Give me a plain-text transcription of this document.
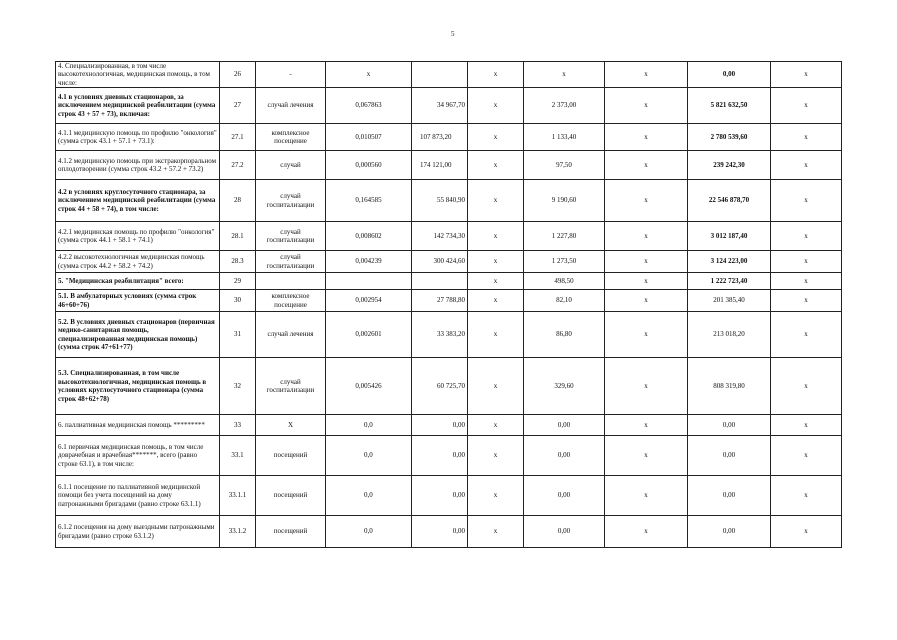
5
4. Специализированная, в том числе высокотехнологичная, медицинская помощь, в том числе:	26	-	x		x	x	x	0,00	x
4.1 в условиях дневных стационаров, за исключением медицинской реабилитации (сумма строк 43 + 57 + 73), включая:	27	случай лечения	0,067863	34 967,70	x	2 373,00	x	5 821 632,50	x
4.1.1 медицинскую помощь по профилю "онкология" (сумма строк 43.1 + 57.1 + 73.1):	27.1	комплексное посещение	0,010507	107 873,20	x	1 133,40	x	2 780 539,60	x
4.1.2 медицинскую помощь при экстракорпоральном оплодотворении (сумма строк 43.2 + 57.2 + 73.2)	27.2	случай	0,000560	174 121,00	x	97,50	x	239 242,30	x
4.2 в условиях круглосуточного стационара, за исключением медицинской реабилитации (сумма строк 44 + 58 + 74), в том числе:	28	случай госпитализации	0,164585	55 840,90	x	9 190,60	x	22 546 878,70	x
4.2.1 медицинская помощь по профилю "онкология" (сумма строк 44.1 + 58.1 + 74.1)	28.1	случай госпитализации	0,008602	142 734,30	x	1 227,80	x	3 012 187,40	x
4.2.2 высокотехнологичная медицинская помощь (сумма строк 44.2 + 58.2 + 74.2)	28.3	случай госпитализации	0,004239	300 424,60	x	1 273,50	x	3 124 223,00	x
5. "Медицинская реабилитация" всего:	29				x	498,50	x	1 222 723,40	x
5.1. В амбулаторных условиях (сумма строк 46+60+76)	30	комплексное посещение	0,002954	27 788,80	x	82,10	x	201 385,40	x
5.2. В условиях дневных стационаров (первичная медико-санитарная помощь, специализированная медицинская помощь) (сумма строк 47+61+77)	31	случай лечения	0,002601	33 383,20	x	86,80	x	213 018,20	x
5.3. Специализированная, в том числе высокотехнологичная, медицинская помощь в условиях круглосуточного стационара (сумма строк 48+62+78)	32	случай госпитализации	0,005426	60 725,70	x	329,60	x	808 319,80	x
6. паллиативная медицинская помощь *********	33	Х	0,0	0,00	x	0,00	x	0,00	x
6.1 первичная медицинская помощь, в том числе доврачебная и врачебная*******, всего (равно строке 63.1), в том числе:	33.1	посещений	0,0	0,00	x	0,00	x	0,00	x
6.1.1 посещение по паллиативной медицинской помощи без учета посещений на дому патронажными бригадами (равно строке 63.1.1)	33.1.1	посещений	0,0	0,00	x	0,00	x	0,00	x
6.1.2 посещения на дому выездными патронажными бригадами (равно строке 63.1.2)	33.1.2	посещений	0,0	0,00	x	0,00	x	0,00	x
